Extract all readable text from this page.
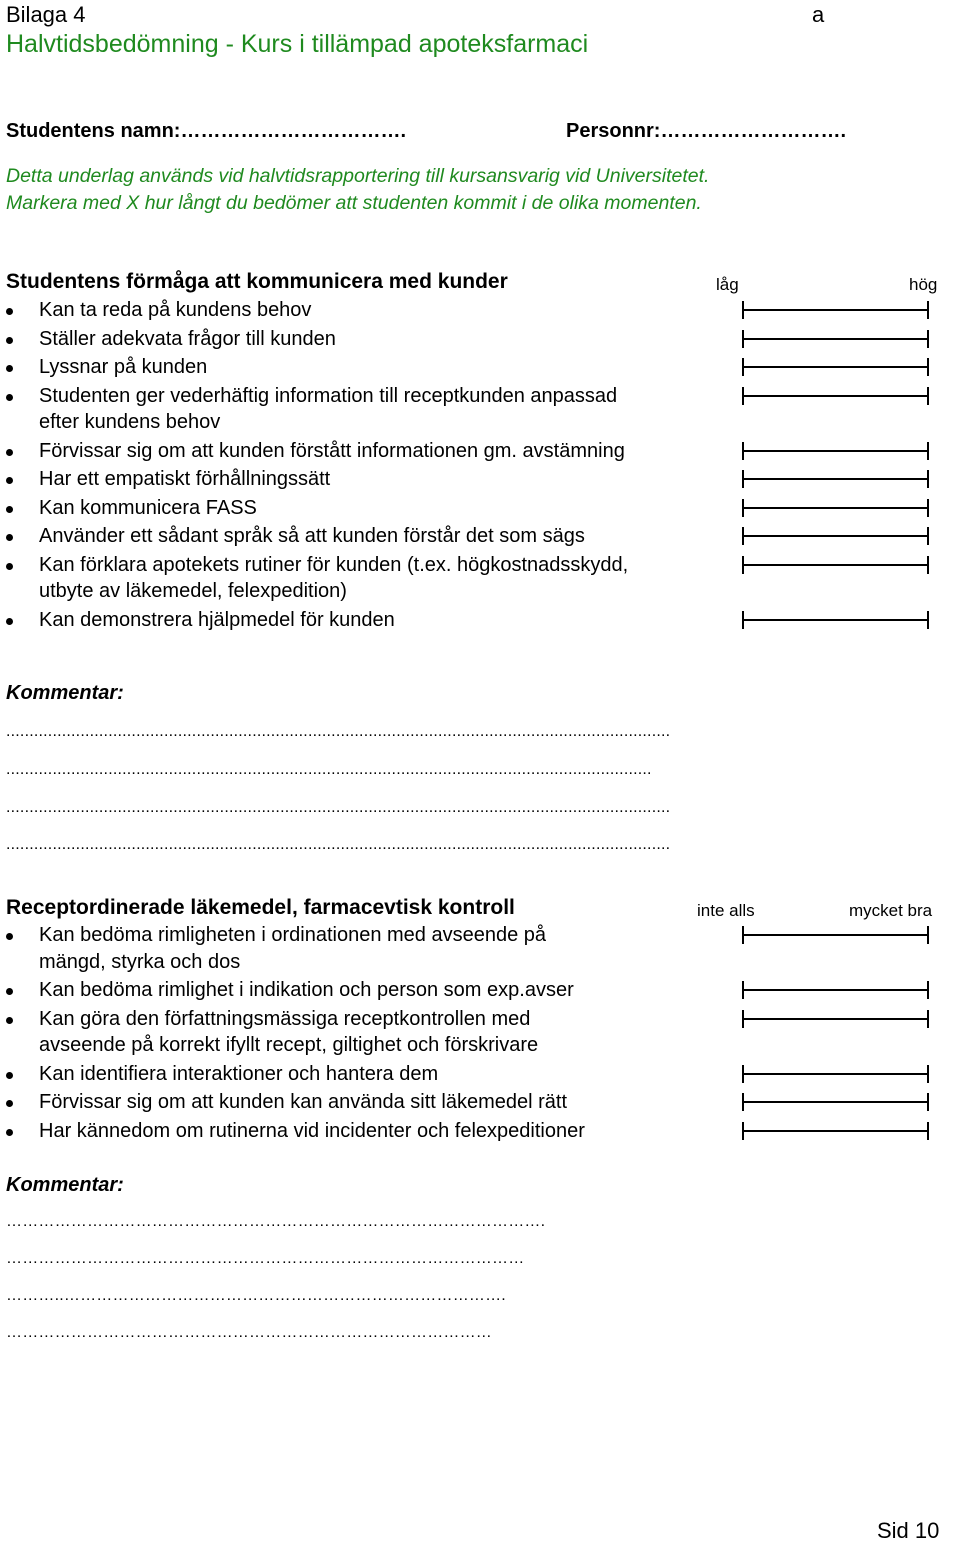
Bilaga 4	a
Halvtidsbedömning - Kurs i tillämpad apoteksfarmaci
Studentens namn:…………………………….	Personnr:……………………….
Detta underlag används vid halvtidsrapportering till kursansvarig vid Universitetet.
Markera med X hur långt du bedömer att studenten kommit i de olika momenten.
Studentens förmåga att kommunicera med kunder	låg	hög
Kan ta reda på kundens behov
Ställer adekvata frågor till kunden
Lyssnar på kunden
Studenten ger vederhäftig information till receptkunden anpassad
efter kundens behov
Förvissar sig om att kunden förstått informationen gm. avstämning
Har ett empatiskt förhållningssätt
Kan kommunicera FASS
Använder ett sådant språk så att kunden förstår det som sägs
Kan förklara apotekets rutiner för kunden (t.ex. högkostnadsskydd,
utbyte av läkemedel, felexpedition)
Kan demonstrera hjälpmedel för kunden
Kommentar:
...............................................................................................................................................
...........................................................................................................................................
...............................................................................................................................................
...............................................................................................................................................
Receptordinerade läkemedel, farmacevtisk kontroll	inte alls	mycket bra
Kan bedöma rimligheten i ordinationen med avseende på
mängd, styrka och dos
Kan bedöma rimlighet i indikation och person som exp.avser
Kan göra den författningsmässiga receptkontrollen med
avseende på korrekt ifyllt recept, giltighet och förskrivare
Kan identifiera interaktioner och hantera dem
Förvissar sig om att kunden kan använda sitt läkemedel rätt
Har kännedom om rutinerna vid incidenter och felexpeditioner
Kommentar:
……………………………………………………………………………………….
……………………………………………………………………………………
………..……………………………………………………………………….
………………………………………………………………………………
Sid 10
